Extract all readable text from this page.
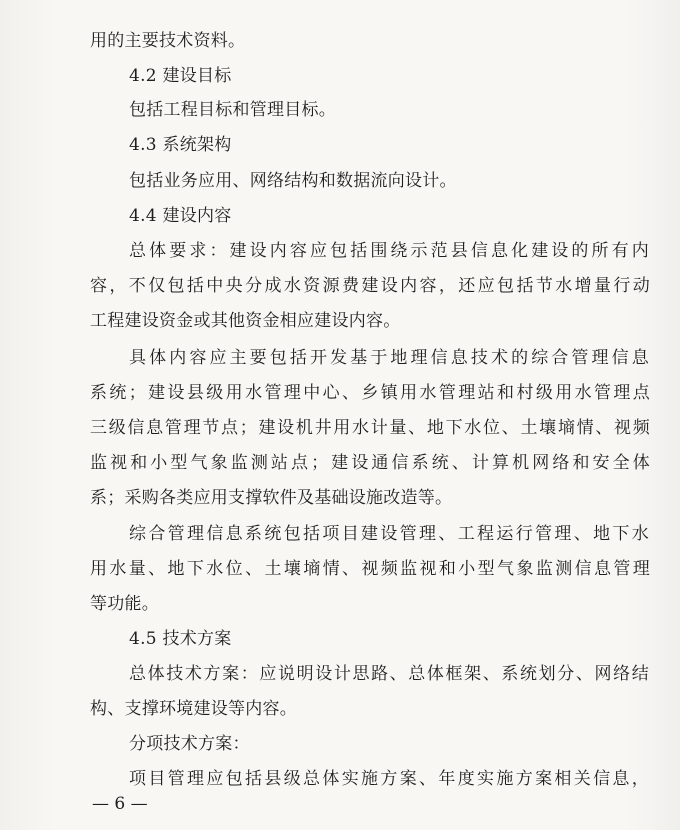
用的主要技术资料。
4.2 建设目标
包括工程目标和管理目标。
4.3 系统架构
包括业务应用、网络结构和数据流向设计。
4.4 建设内容
总体要求：建设内容应包括围绕示范县信息化建设的所有内
容，不仅包括中央分成水资源费建设内容，还应包括节水增量行动
工程建设资金或其他资金相应建设内容。
具体内容应主要包括开发基于地理信息技术的综合管理信息
系统；建设县级用水管理中心、乡镇用水管理站和村级用水管理点
三级信息管理节点；建设机井用水计量、地下水位、土壤墒情、视频
监视和小型气象监测站点；建设通信系统、计算机网络和安全体
系；采购各类应用支撑软件及基础设施改造等。
综合管理信息系统包括项目建设管理、工程运行管理、地下水
用水量、地下水位、土壤墒情、视频监视和小型气象监测信息管理
等功能。
4.5 技术方案
总体技术方案：应说明设计思路、总体框架、系统划分、网络结
构、支撑环境建设等内容。
分项技术方案：
项目管理应包括县级总体实施方案、年度实施方案相关信息，
— 6 —
